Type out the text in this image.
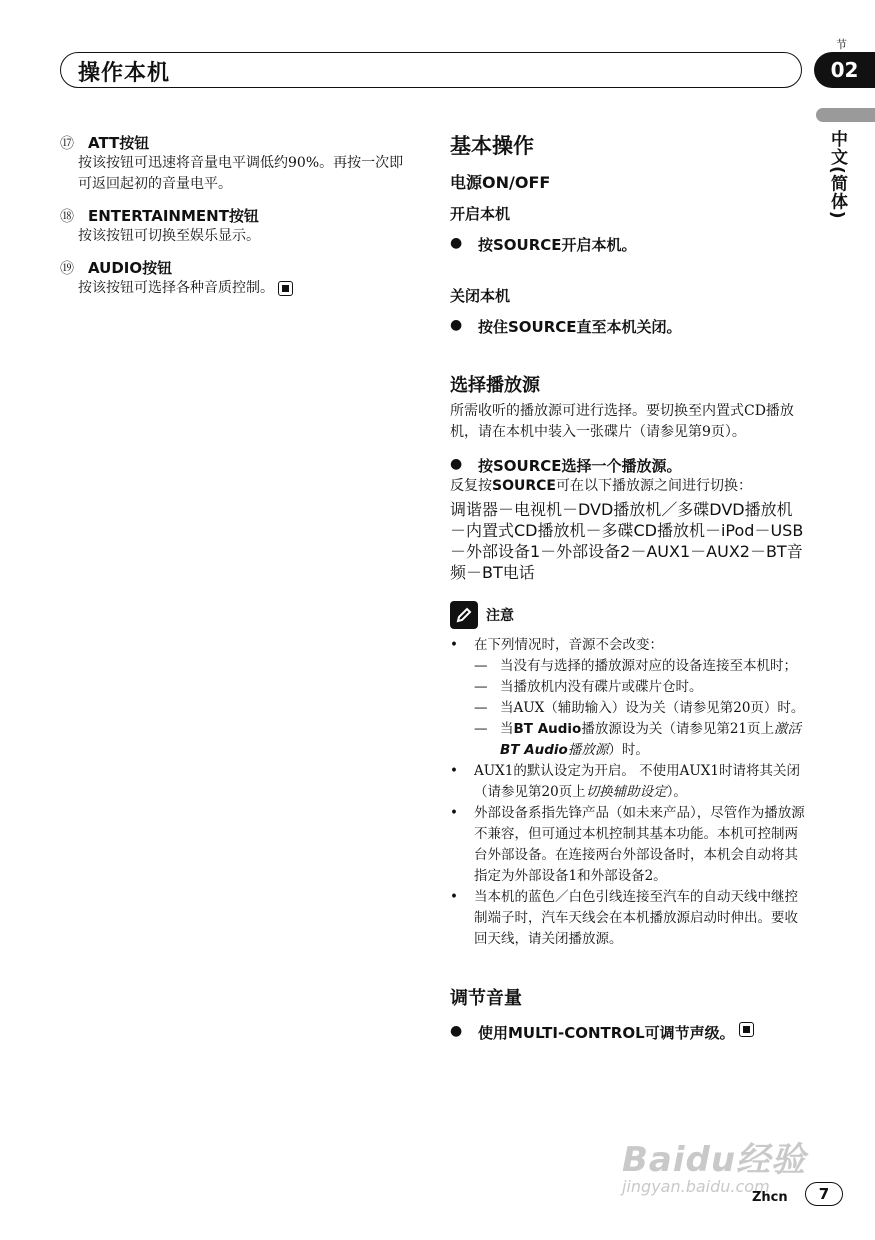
操作本机
节
02
中文(简体)
⑰ ATT按钮
按该按钮可迅速将音量电平调低约90%。再按一次即可返回起初的音量电平。
⑱ ENTERTAINMENT按钮
按该按钮可切换至娱乐显示。
⑲ AUDIO按钮
按该按钮可选择各种音质控制。
基本操作
电源ON/OFF
开启本机
●	按SOURCE开启本机。
关闭本机
●	按住SOURCE直至本机关闭。
选择播放源
所需收听的播放源可进行选择。要切换至内置式CD播放机，请在本机中装入一张碟片（请参见第9页）。
●	按SOURCE选择一个播放源。
反复按SOURCE可在以下播放源之间进行切换：
调谐器－电视机－DVD播放机／多碟DVD播放机－内置式CD播放机－多碟CD播放机－iPod－USB－外部设备1－外部设备2－AUX1－AUX2－BT音频－BT电话
注意
•	在下列情况时，音源不会改变：
— 当没有与选择的播放源对应的设备连接至本机时；
— 当播放机内没有碟片或碟片仓时。
— 当AUX（辅助输入）设为关（请参见第20页）时。
— 当BT Audio播放源设为关（请参见第21页上激活BT Audio播放源）时。
•	AUX1的默认设定为开启。 不使用AUX1时请将其关闭（请参见第20页上切换辅助设定）。
•	外部设备系指先锋产品（如未来产品），尽管作为播放源不兼容，但可通过本机控制其基本功能。本机可控制两台外部设备。在连接两台外部设备时，本机会自动将其指定为外部设备1和外部设备2。
•	当本机的蓝色／白色引线连接至汽车的自动天线中继控制端子时，汽车天线会在本机播放源启动时伸出。要收回天线，请关闭播放源。
调节音量
●	使用MULTI-CONTROL可调节声级。
Baidu经验
jingyan.baidu.com
Zhcn	7
